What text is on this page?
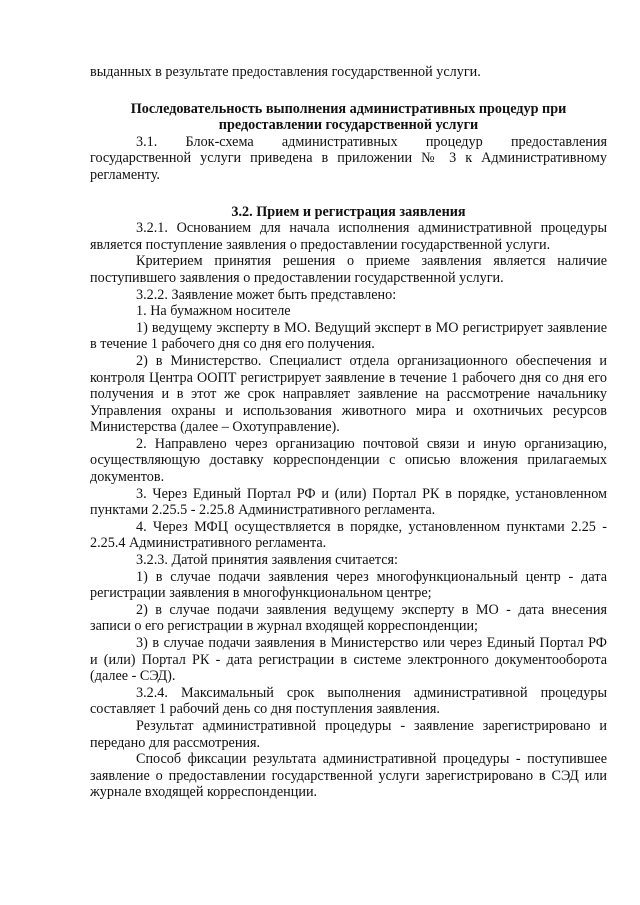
выданных в результате предоставления государственной услуги.

Последовательность выполнения административных процедур при предоставлении государственной услуги

3.1. Блок-схема административных процедур предоставления государственной услуги приведена в приложении № 3 к Административному регламенту.

3.2. Прием и регистрация заявления

3.2.1. Основанием для начала исполнения административной процедуры является поступление заявления о предоставлении государственной услуги.

Критерием принятия решения о приеме заявления является наличие поступившего заявления о предоставлении государственной услуги.

3.2.2. Заявление может быть представлено:

1. На бумажном носителе

1) ведущему эксперту в МО. Ведущий эксперт в МО регистрирует заявление в течение 1 рабочего дня со дня его получения.

2) в Министерство. Специалист отдела организационного обеспечения и контроля Центра ООПТ регистрирует заявление в течение 1 рабочего дня со дня его получения и в этот же срок направляет заявление на рассмотрение начальнику Управления охраны и использования животного мира и охотничьих ресурсов Министерства (далее – Охотуправление).

2. Направлено через организацию почтовой связи и иную организацию, осуществляющую доставку корреспонденции с описью вложения прилагаемых документов.

3. Через Единый Портал РФ и (или) Портал РК в порядке, установленном пунктами 2.25.5 - 2.25.8 Административного регламента.

4. Через МФЦ осуществляется в порядке, установленном пунктами 2.25 - 2.25.4 Административного регламента.

3.2.3. Датой принятия заявления считается:

1) в случае подачи заявления через многофункциональный центр - дата регистрации заявления в многофункциональном центре;

2) в случае подачи заявления ведущему эксперту в МО - дата внесения записи о его регистрации в журнал входящей корреспонденции;

3) в случае подачи заявления в Министерство или через Единый Портал РФ и (или) Портал РК - дата регистрации в системе электронного документооборота (далее - СЭД).

3.2.4. Максимальный срок выполнения административной процедуры составляет 1 рабочий день со дня поступления заявления.

Результат административной процедуры - заявление зарегистрировано и передано для рассмотрения.

Способ фиксации результата административной процедуры - поступившее заявление о предоставлении государственной услуги зарегистрировано в СЭД или журнале входящей корреспонденции.
